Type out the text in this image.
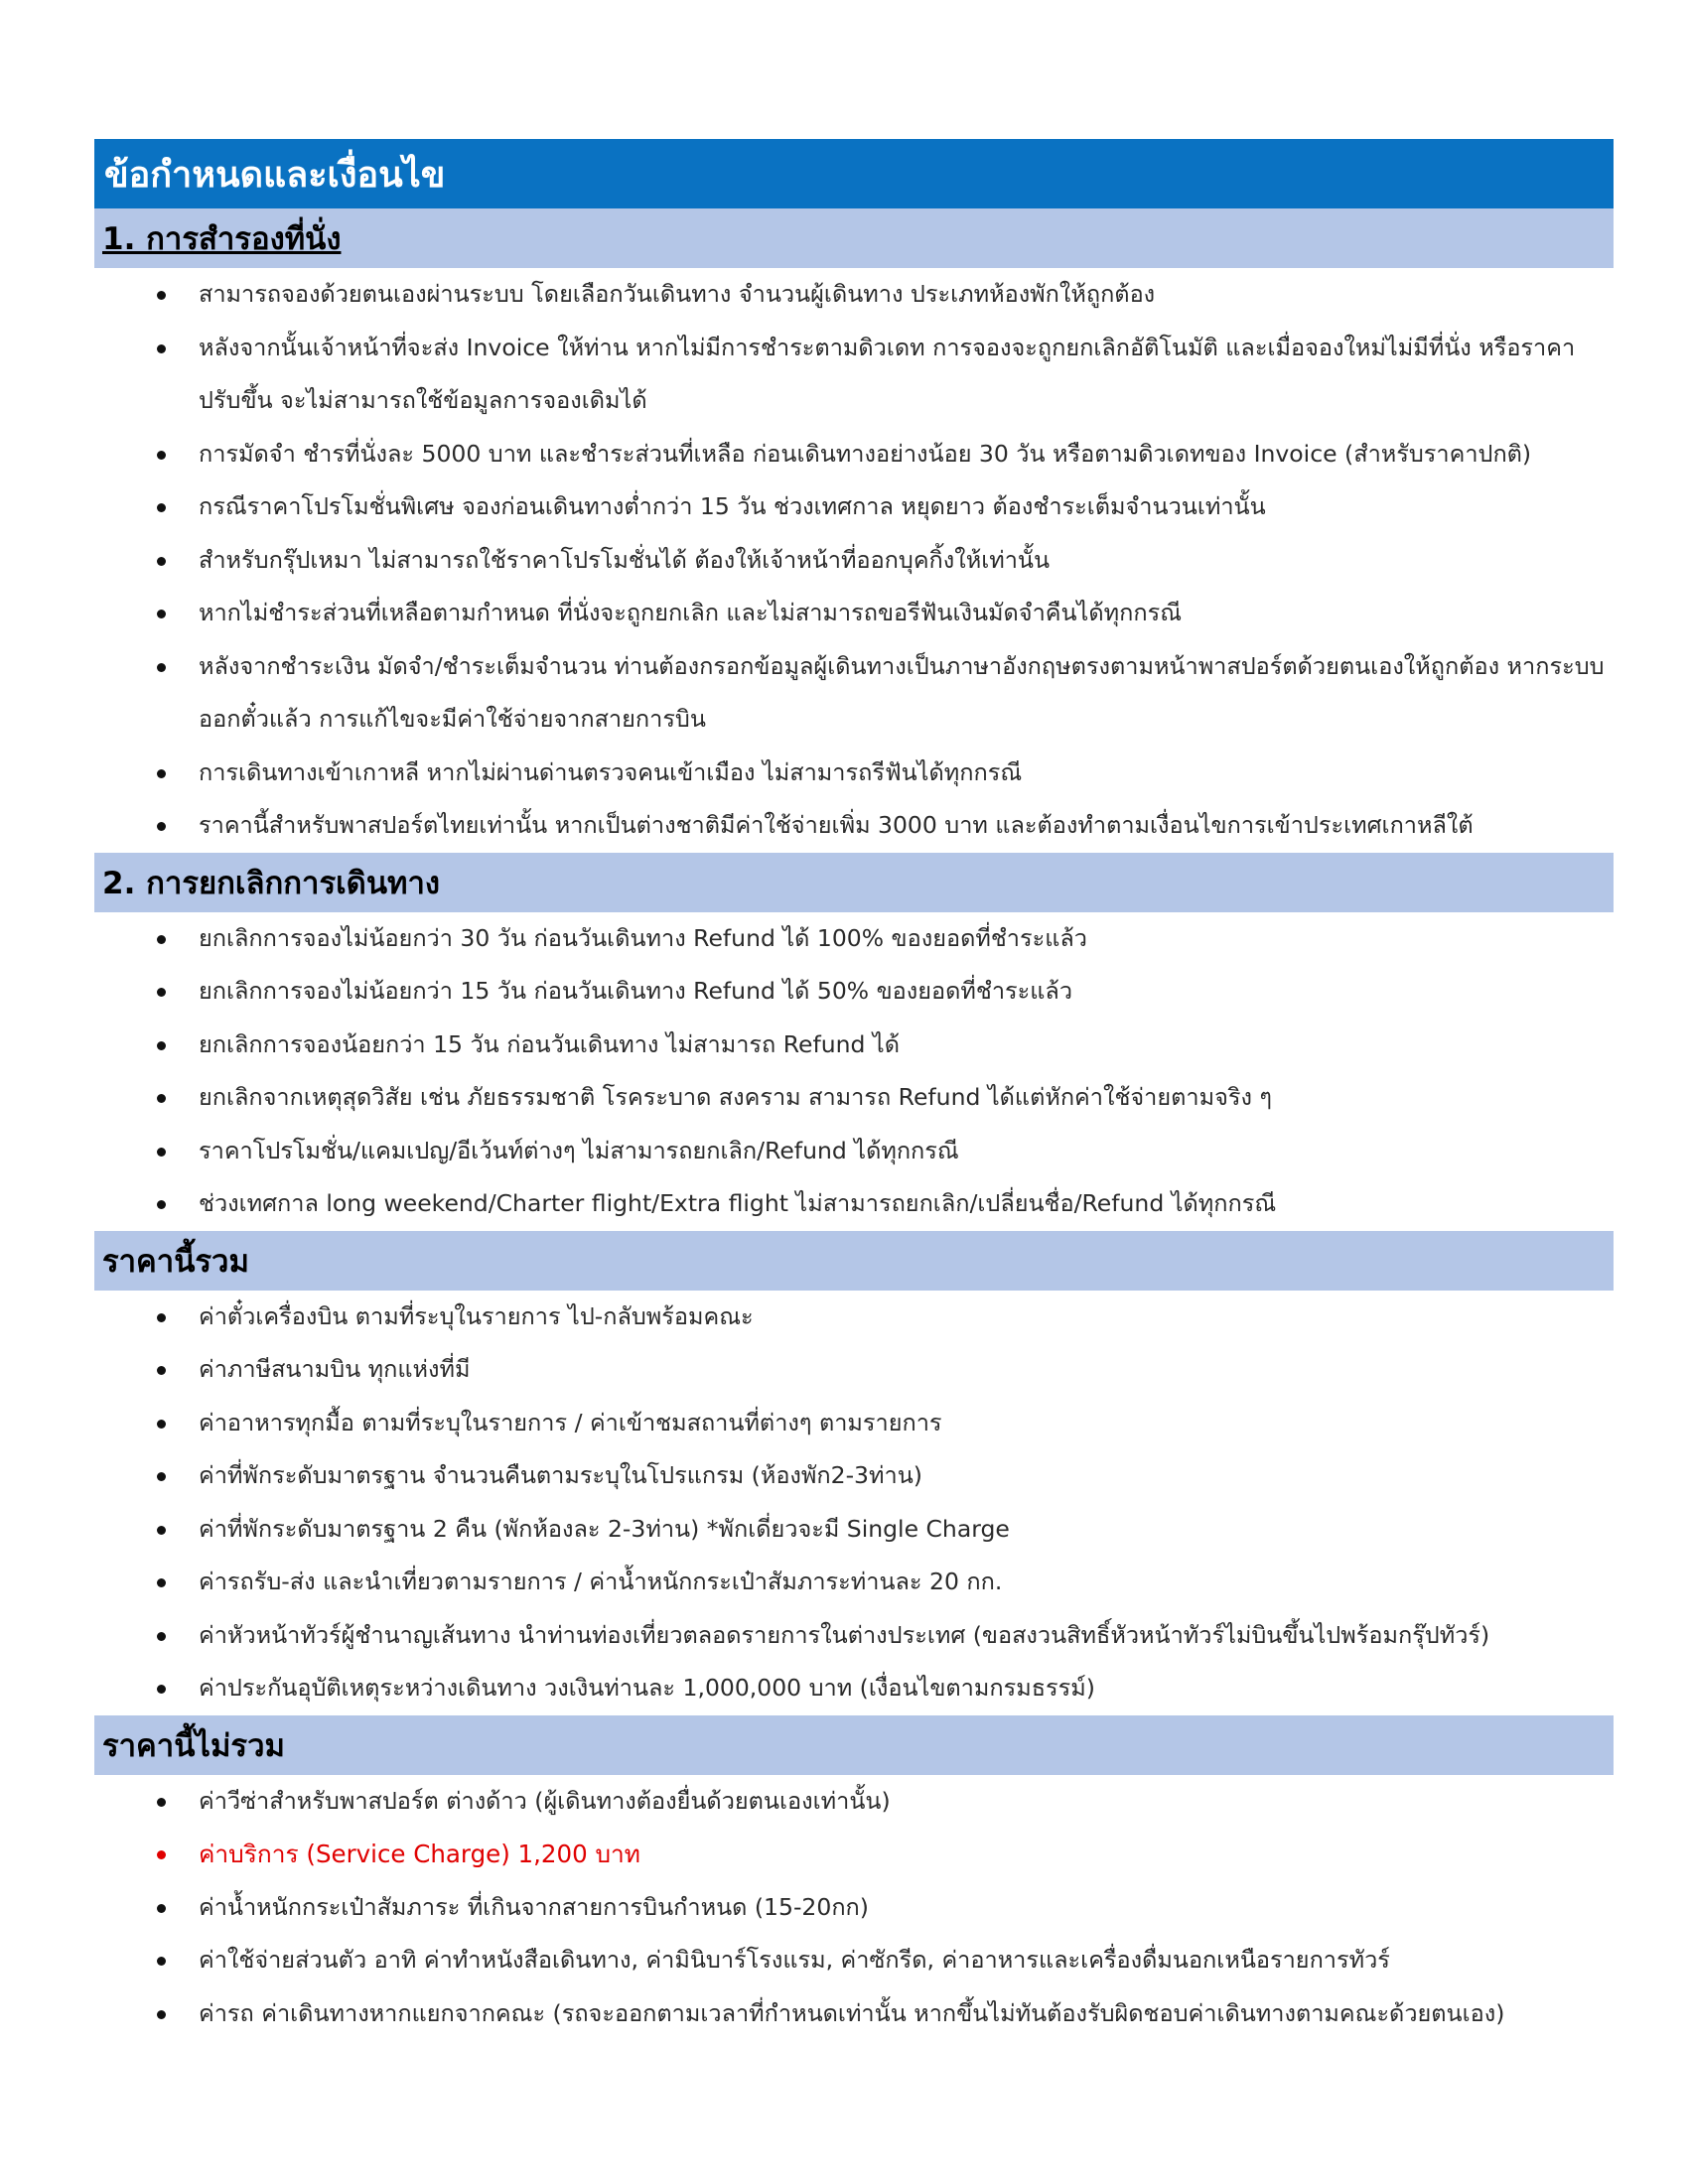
ข้อกำหนดและเงื่อนไข
1. การสำรองที่นั่ง
สามารถจองด้วยตนเองผ่านระบบ โดยเลือกวันเดินทาง จำนวนผู้เดินทาง ประเภทห้องพักให้ถูกต้อง
หลังจากนั้นเจ้าหน้าที่จะส่ง Invoice ให้ท่าน หากไม่มีการชำระตามดิวเดท การจองจะถูกยกเลิกอัติโนมัติ และเมื่อจองใหม่ไม่มีที่นั่ง หรือราคาปรับขึ้น จะไม่สามารถใช้ข้อมูลการจองเดิมได้
การมัดจำ ชำรที่นั่งละ 5000 บาท และชำระส่วนที่เหลือ ก่อนเดินทางอย่างน้อย 30 วัน หรือตามดิวเดทของ Invoice (สำหรับราคาปกติ)
กรณีราคาโปรโมชั่นพิเศษ จองก่อนเดินทางต่ำกว่า 15 วัน ช่วงเทศกาล หยุดยาว ต้องชำระเต็มจำนวนเท่านั้น
สำหรับกรุ๊ปเหมา ไม่สามารถใช้ราคาโปรโมชั่นได้ ต้องให้เจ้าหน้าที่ออกบุคกิ้งให้เท่านั้น
หากไม่ชำระส่วนที่เหลือตามกำหนด ที่นั่งจะถูกยกเลิก และไม่สามารถขอรีฟันเงินมัดจำคืนได้ทุกกรณี
หลังจากชำระเงิน มัดจำ/ชำระเต็มจำนวน ท่านต้องกรอกข้อมูลผู้เดินทางเป็นภาษาอังกฤษตรงตามหน้าพาสปอร์ตด้วยตนเองให้ถูกต้อง หากระบบออกตั๋วแล้ว การแก้ไขจะมีค่าใช้จ่ายจากสายการบิน
การเดินทางเข้าเกาหลี หากไม่ผ่านด่านตรวจคนเข้าเมือง ไม่สามารถรีฟันได้ทุกกรณี
ราคานี้สำหรับพาสปอร์ตไทยเท่านั้น หากเป็นต่างชาติมีค่าใช้จ่ายเพิ่ม 3000 บาท และต้องทำตามเงื่อนไขการเข้าประเทศเกาหลีใต้
2. การยกเลิกการเดินทาง
ยกเลิกการจองไม่น้อยกว่า 30 วัน ก่อนวันเดินทาง Refund ได้ 100% ของยอดที่ชำระแล้ว
ยกเลิกการจองไม่น้อยกว่า 15 วัน ก่อนวันเดินทาง Refund ได้ 50% ของยอดที่ชำระแล้ว
ยกเลิกการจองน้อยกว่า 15 วัน ก่อนวันเดินทาง ไม่สามารถ Refund ได้
ยกเลิกจากเหตุสุดวิสัย เช่น ภัยธรรมชาติ โรคระบาด สงคราม สามารถ Refund ได้แต่หักค่าใช้จ่ายตามจริง ๆ
ราคาโปรโมชั่น/แคมเปญ/อีเว้นท์ต่างๆ ไม่สามารถยกเลิก/Refund ได้ทุกกรณี
ช่วงเทศกาล long weekend/Charter flight/Extra flight ไม่สามารถยกเลิก/เปลี่ยนชื่อ/Refund ได้ทุกกรณี
ราคานี้รวม
ค่าตั๋วเครื่องบิน ตามที่ระบุในรายการ ไป-กลับพร้อมคณะ
ค่าภาษีสนามบิน ทุกแห่งที่มี
ค่าอาหารทุกมื้อ ตามที่ระบุในรายการ / ค่าเข้าชมสถานที่ต่างๆ ตามรายการ
ค่าที่พักระดับมาตรฐาน จำนวนคืนตามระบุในโปรแกรม (ห้องพัก2-3ท่าน)
ค่าที่พักระดับมาตรฐาน 2 คืน (พักห้องละ 2-3ท่าน) *พักเดี่ยวจะมี Single Charge
ค่ารถรับ-ส่ง และนำเที่ยวตามรายการ / ค่าน้ำหนักกระเป๋าสัมภาระท่านละ 20 กก.
ค่าหัวหน้าทัวร์ผู้ชำนาญเส้นทาง นำท่านท่องเที่ยวตลอดรายการในต่างประเทศ (ขอสงวนสิทธิ์หัวหน้าทัวร์ไม่บินขึ้นไปพร้อมกรุ๊ปทัวร์)
ค่าประกันอุบัติเหตุระหว่างเดินทาง วงเงินท่านละ 1,000,000 บาท (เงื่อนไขตามกรมธรรม์)
ราคานี้ไม่รวม
ค่าวีซ่าสำหรับพาสปอร์ต ต่างด้าว (ผู้เดินทางต้องยื่นด้วยตนเองเท่านั้น)
ค่าบริการ (Service Charge) 1,200 บาท
ค่าน้ำหนักกระเป๋าสัมภาระ ที่เกินจากสายการบินกำหนด (15-20กก)
ค่าใช้จ่ายส่วนตัว อาทิ ค่าทำหนังสือเดินทาง, ค่ามินิบาร์โรงแรม, ค่าซักรีด, ค่าอาหารและเครื่องดื่มนอกเหนือรายการทัวร์
ค่ารถ ค่าเดินทางหากแยกจากคณะ (รถจะออกตามเวลาที่กำหนดเท่านั้น หากขึ้นไม่ทันต้องรับผิดชอบค่าเดินทางตามคณะด้วยตนเอง)
